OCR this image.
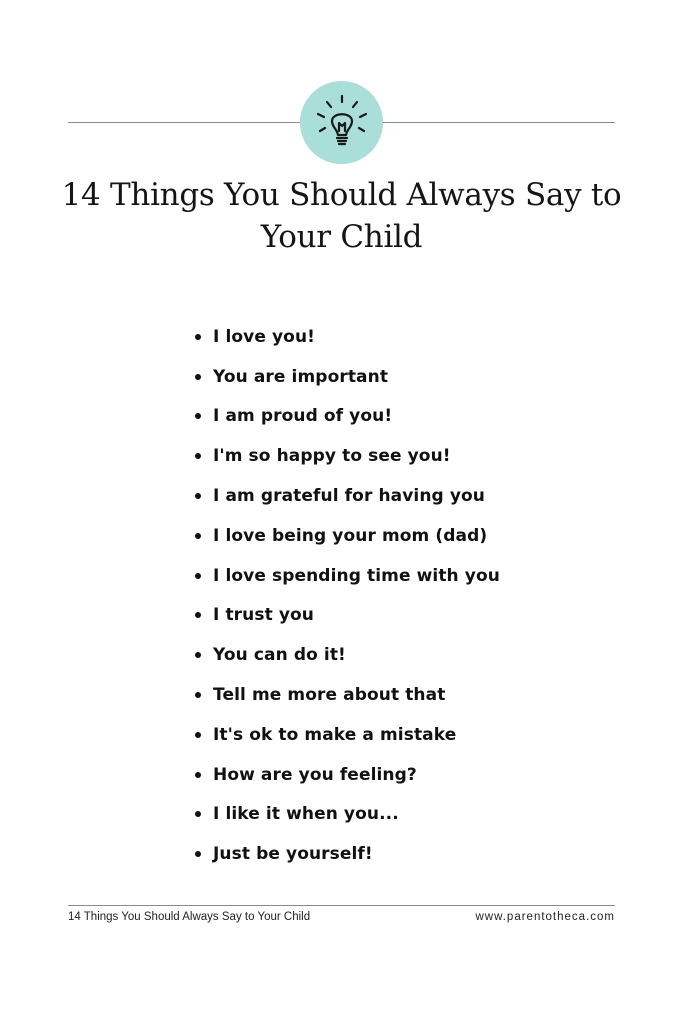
14 Things You Should Always Say to Your Child
I love you!
You are important
I am proud of you!
I'm so happy to see you!
I am grateful for having you
I love being your mom (dad)
I love spending time with you
I trust you
You can do it!
Tell me more about that
It's ok to make a mistake
How are you feeling?
I like it when you...
Just be yourself!
14 Things You Should Always Say to Your Child	www.parentotheca.com
